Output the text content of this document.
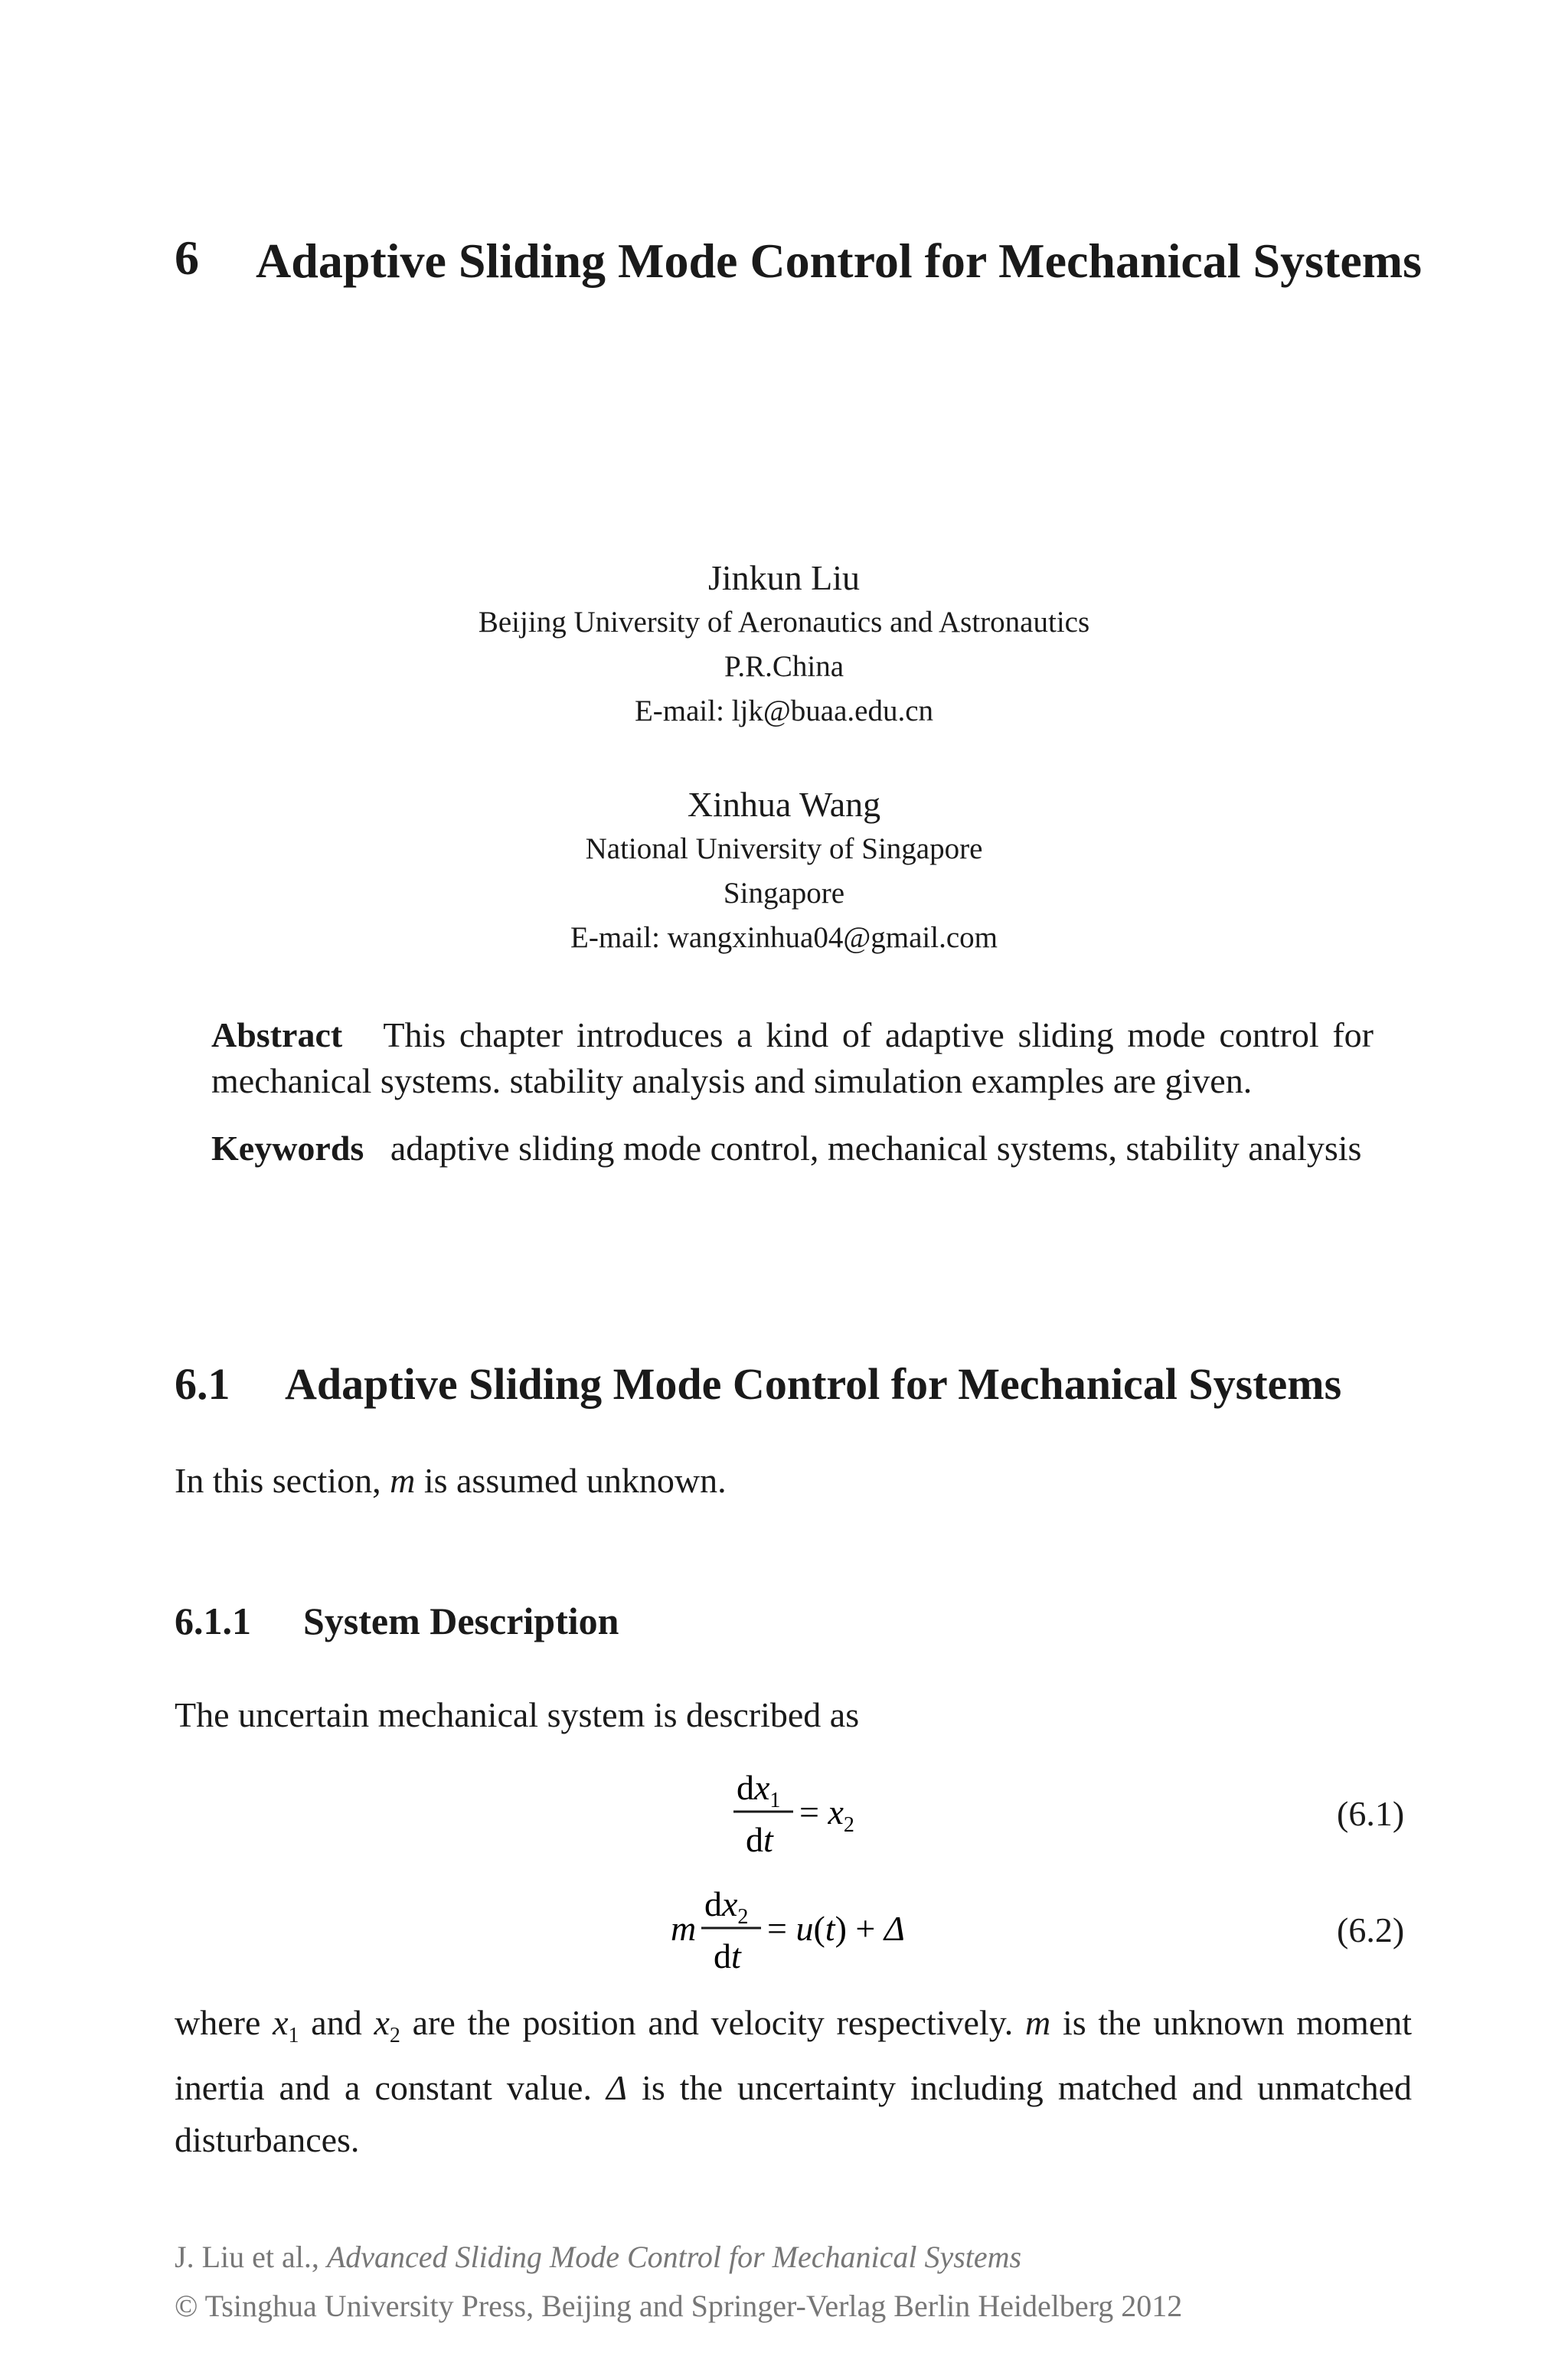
6 Adaptive Sliding Mode Control for Mechanical Systems
Jinkun Liu
Beijing University of Aeronautics and Astronautics
P.R.China
E-mail: ljk@buaa.edu.cn
Xinhua Wang
National University of Singapore
Singapore
E-mail: wangxinhua04@gmail.com
Abstract This chapter introduces a kind of adaptive sliding mode control for mechanical systems. stability analysis and simulation examples are given.
Keywords adaptive sliding mode control, mechanical systems, stability analysis
6.1 Adaptive Sliding Mode Control for Mechanical Systems
In this section, m is assumed unknown.
6.1.1 System Description
The uncertain mechanical system is described as
$dx_1$
dt
= $x_2$	(6.1)
m
$dx_2$
dt
= u(t) + Δ	(6.2)
where $x_1$ and $x_2$ are the position and velocity respectively. m is the unknown moment inertia and a constant value. Δ is the uncertainty including matched and unmatched disturbances.
J. Liu et al., Advanced Sliding Mode Control for Mechanical Systems
© Tsinghua University Press, Beijing and Springer-Verlag Berlin Heidelberg 2012
